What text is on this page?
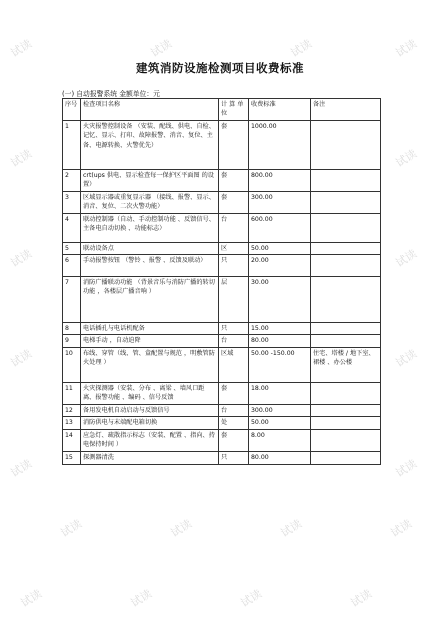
试读	试读	试读	试读
试读	试读
试读	试读
试读	试读
试读	试读
试读	试读	试读	试读
试读	试读	试读	试读
建筑消防设施检测项目收费标准
(一) 自动报警系统 金额单位：元
序号	检查项目名称	计 算 单 位	收费标准	备注
1	火灾报警控制设备 （安装、配线、供电、自检、记忆、显示、打印、故障报警、消音、复位、主备、电源转换、火警优先）	套	1000.00	
2	crt(ups 供电、显示检查每一保护区平面图 的设置）	套	800.00	
3	区域显示器或重复显示器 （接线、报警、显示、消音、复位、二次火警功能）	套	300.00	
4	联动控制器（自动、手动控制功能 、反馈信号、主备电自动切换 、功能标志）	台	600.00	
5	联动设备点	区	50.00	
6	手动报警按钮 （警铃 、报警 、反馈及联动）	只	20.00	
7	消防广播联动功能 （背景音乐与消防广播的转切功能 ，各楼层广播音响 ）	层	30.00	
8	电话插孔与电话机配备	只	15.00	
9	电梯手动 ，自动迫降	台	80.00	
10	布线、穿管（线、管、盒配置与规范 ，明敷管防火处理 ）	区域	50.00 -150.00	住宅、塔楼 / 地下室、裙楼 、办公楼
11	火灾探测器（安装、分布 、离梁 、墙风口距离、报警功能 、编码 、信号反馈	套	18.00	
12	备用发电机自动启动与反馈信号	台	300.00	
13	消防供电与末端配电箱切换	处	50.00	
14	应急灯、疏散指示标志（安装、配置 、指向、持电保持时间 ）	套	8.00	
15	探测器清洗	只	80.00	
